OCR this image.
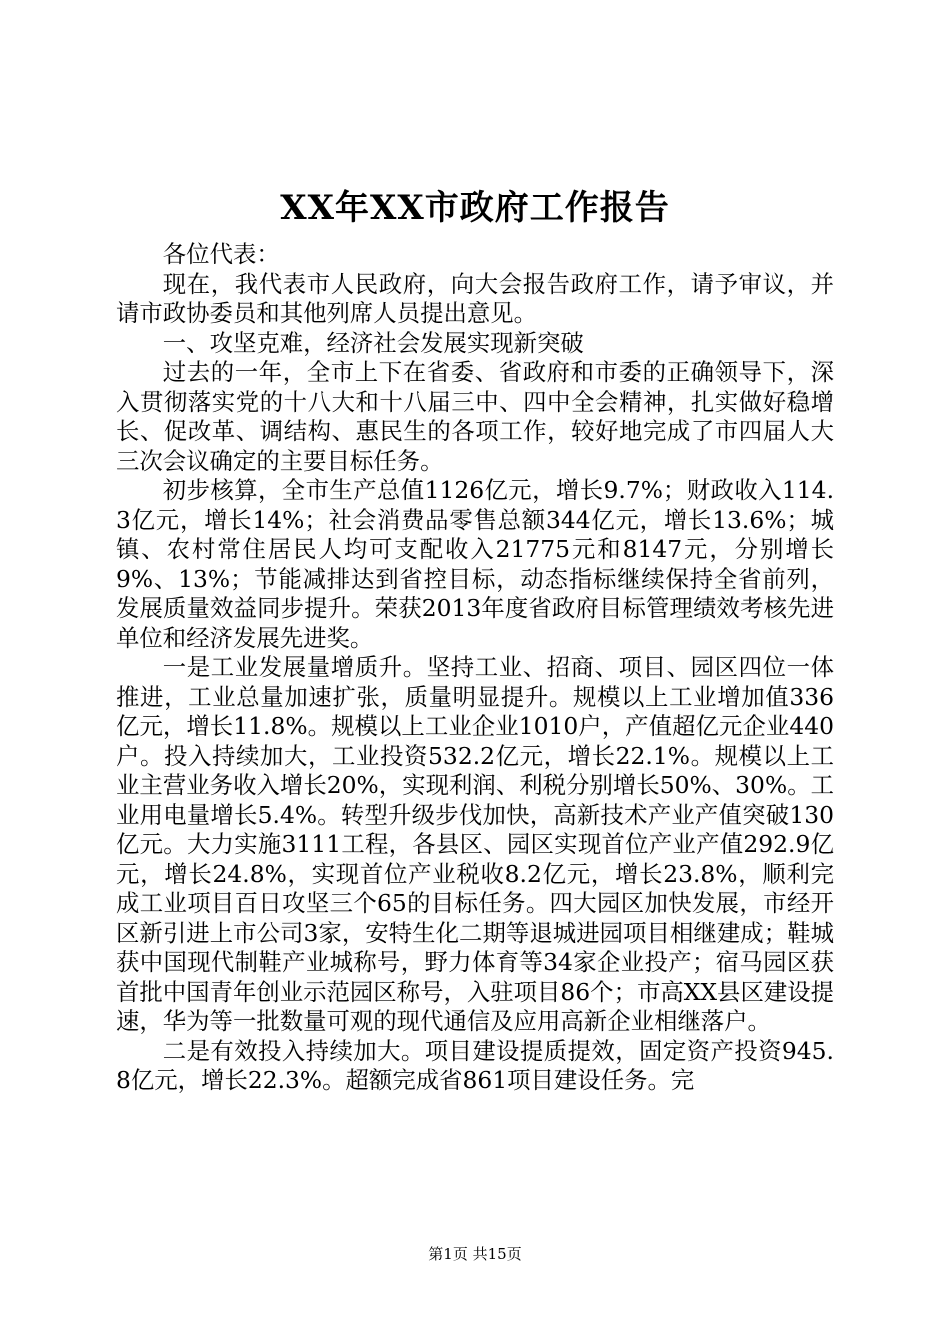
XX年XX市政府工作报告

各位代表：

现在，我代表市人民政府，向大会报告政府工作，请予审议，并请市政协委员和其他列席人员提出意见。

一、攻坚克难，经济社会发展实现新突破

过去的一年，全市上下在省委、省政府和市委的正确领导下，深入贯彻落实党的十八大和十八届三中、四中全会精神，扎实做好稳增长、促改革、调结构、惠民生的各项工作，较好地完成了市四届人大三次会议确定的主要目标任务。

初步核算，全市生产总值1126亿元，增长9.7%；财政收入114.3亿元，增长14%；社会消费品零售总额344亿元，增长13.6%；城镇、农村常住居民人均可支配收入21775元和8147元，分别增长9%、13%；节能减排达到省控目标，动态指标继续保持全省前列，发展质量效益同步提升。荣获2013年度省政府目标管理绩效考核先进单位和经济发展先进奖。

一是工业发展量增质升。坚持工业、招商、项目、园区四位一体推进，工业总量加速扩张，质量明显提升。规模以上工业增加值336亿元，增长11.8%。规模以上工业企业1010户，产值超亿元企业440户。投入持续加大，工业投资532.2亿元，增长22.1%。规模以上工业主营业务收入增长20%，实现利润、利税分别增长50%、30%。工业用电量增长5.4%。转型升级步伐加快，高新技术产业产值突破130亿元。大力实施3111工程，各县区、园区实现首位产业产值292.9亿元，增长24.8%，实现首位产业税收8.2亿元，增长23.8%，顺利完成工业项目百日攻坚三个65的目标任务。四大园区加快发展，市经开区新引进上市公司3家，安特生化二期等退城进园项目相继建成；鞋城获中国现代制鞋产业城称号，野力体育等34家企业投产；宿马园区获首批中国青年创业示范园区称号，入驻项目86个；市高XX县区建设提速，华为等一批数量可观的现代通信及应用高新企业相继落户。

二是有效投入持续加大。项目建设提质提效，固定资产投资945.8亿元，增长22.3%。超额完成省861项目建设任务。完

第1页 共15页
